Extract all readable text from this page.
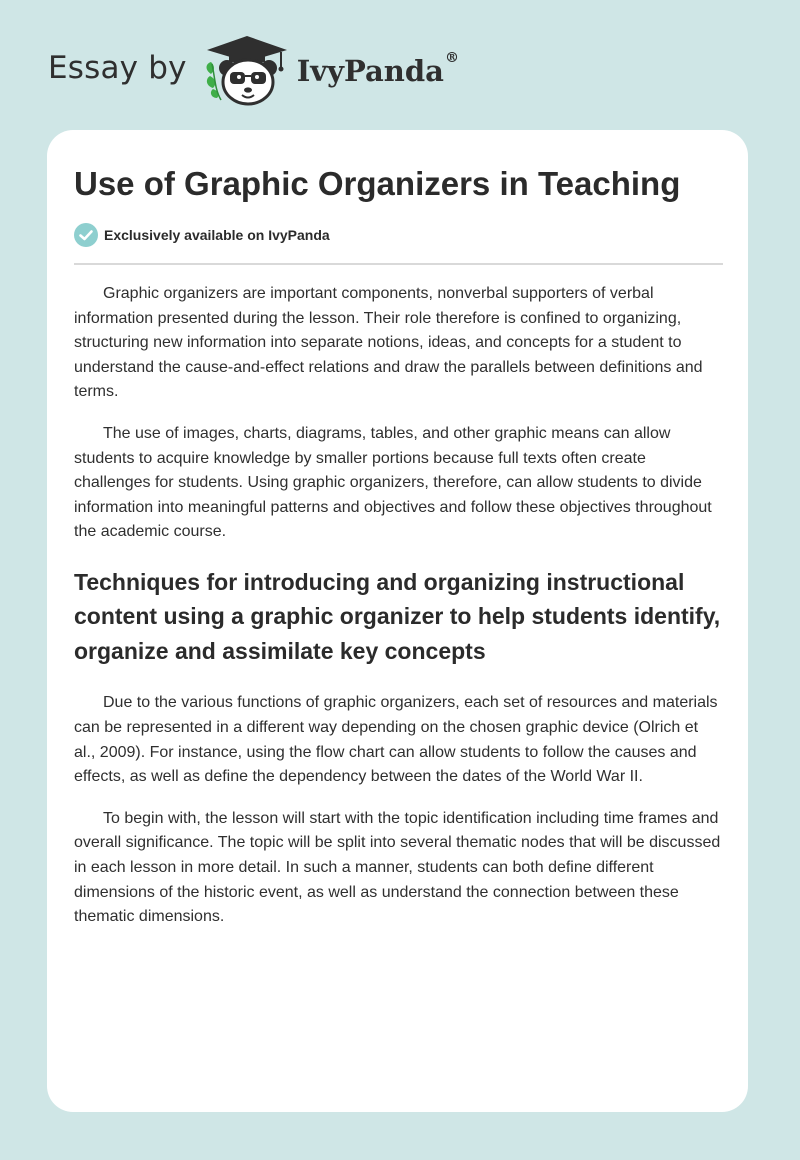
Essay by	IvyPanda®
Use of Graphic Organizers in Teaching
Exclusively available on IvyPanda

Graphic organizers are important components, nonverbal supporters of verbal information presented during the lesson. Their role therefore is confined to organizing, structuring new information into separate notions, ideas, and concepts for a student to understand the cause-and-effect relations and draw the parallels between definitions and terms.

The use of images, charts, diagrams, tables, and other graphic means can allow students to acquire knowledge by smaller portions because full texts often create challenges for students. Using graphic organizers, therefore, can allow students to divide information into meaningful patterns and objectives and follow these objectives throughout the academic course.

Techniques for introducing and organizing instructional content using a graphic organizer to help students identify, organize and assimilate key concepts

Due to the various functions of graphic organizers, each set of resources and materials can be represented in a different way depending on the chosen graphic device (Olrich et al., 2009). For instance, using the flow chart can allow students to follow the causes and effects, as well as define the dependency between the dates of the World War II.

To begin with, the lesson will start with the topic identification including time frames and overall significance. The topic will be split into several thematic nodes that will be discussed in each lesson in more detail. In such a manner, students can both define different dimensions of the historic event, as well as understand the connection between these thematic dimensions.
